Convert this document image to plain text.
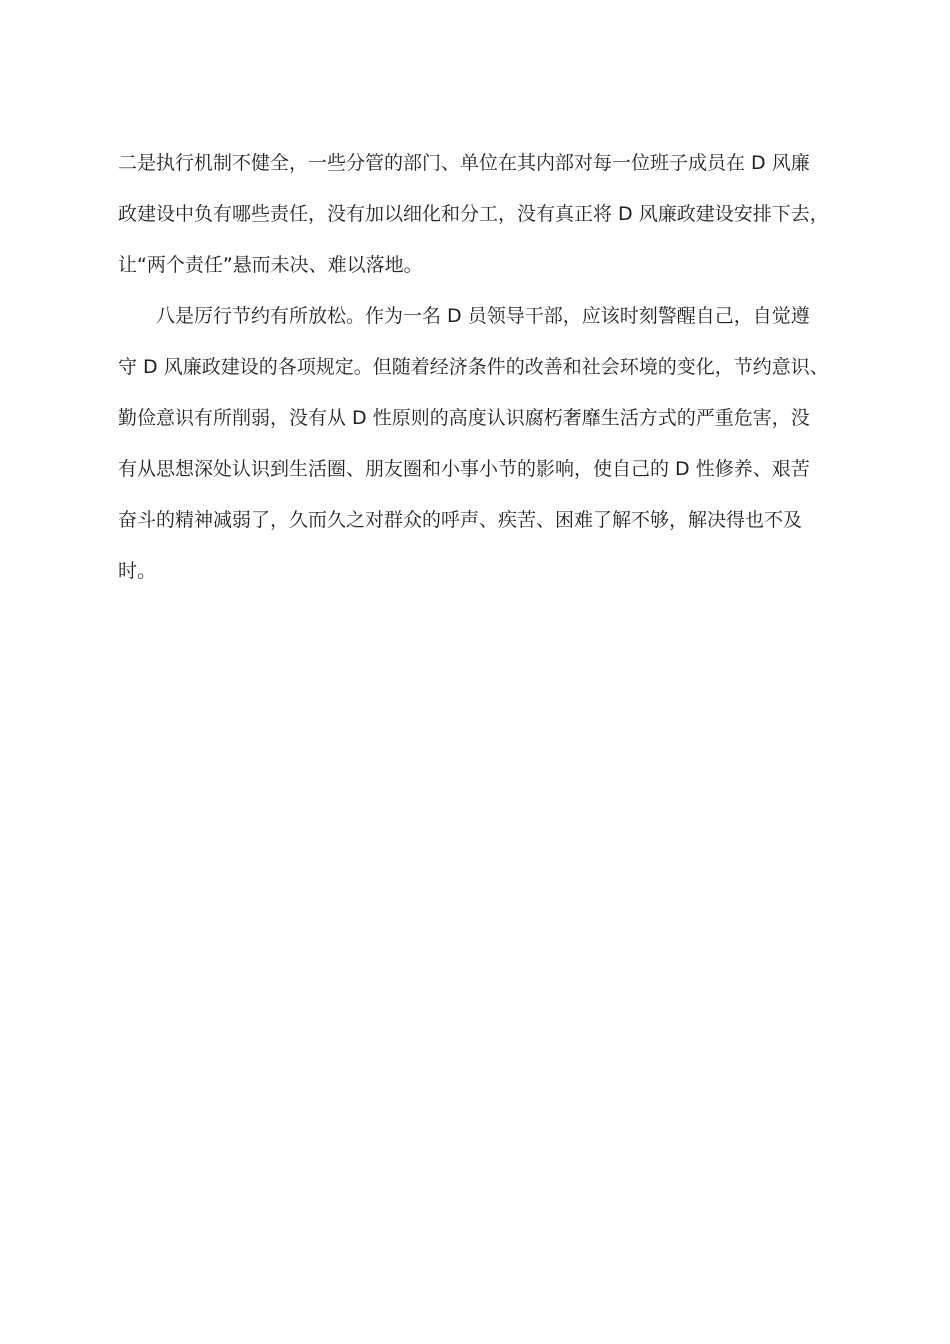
二是执行机制不健全，一些分管的部门、单位在其内部对每一位班子成员在 D 风廉
政建设中负有哪些责任，没有加以细化和分工，没有真正将 D 风廉政建设安排下去，
让“两个责任”悬而未决、难以落地。
八是厉行节约有所放松。作为一名 D 员领导干部，应该时刻警醒自己，自觉遵
守 D 风廉政建设的各项规定。但随着经济条件的改善和社会环境的变化，节约意识、
勤俭意识有所削弱，没有从 D 性原则的高度认识腐朽奢靡生活方式的严重危害，没
有从思想深处认识到生活圈、朋友圈和小事小节的影响，使自己的 D 性修养、艰苦
奋斗的精神减弱了，久而久之对群众的呼声、疾苦、困难了解不够，解决得也不及
时。
